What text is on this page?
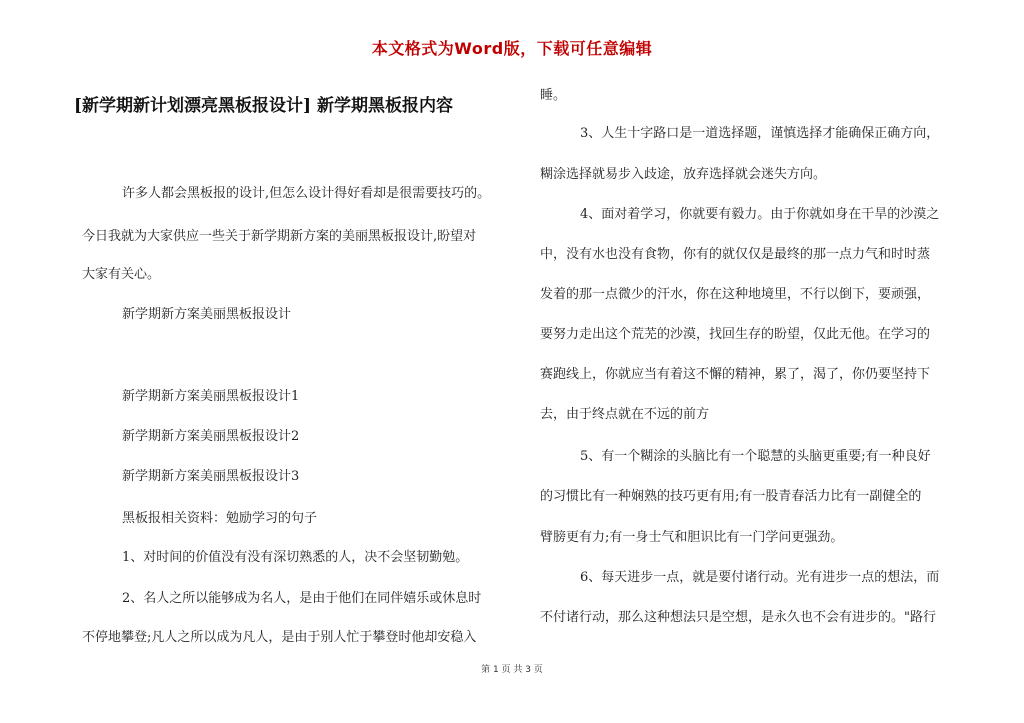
本文格式为Word版，下载可任意编辑
[新学期新计划漂亮黑板报设计] 新学期黑板报内容
许多人都会黑板报的设计,但怎么设计得好看却是很需要技巧的。
今日我就为大家供应一些关于新学期新方案的美丽黑板报设计,盼望对
大家有关心。
新学期新方案美丽黑板报设计
新学期新方案美丽黑板报设计1
新学期新方案美丽黑板报设计2
新学期新方案美丽黑板报设计3
黑板报相关资料：勉励学习的句子
1、对时间的价值没有没有深切熟悉的人，决不会坚韧勤勉。
2、名人之所以能够成为名人，是由于他们在同伴嬉乐或休息时
不停地攀登;凡人之所以成为凡人，是由于别人忙于攀登时他却安稳入
睡。
3、人生十字路口是一道选择题，谨慎选择才能确保正确方向，
糊涂选择就易步入歧途，放弃选择就会迷失方向。
4、面对着学习，你就要有毅力。由于你就如身在干旱的沙漠之
中，没有水也没有食物，你有的就仅仅是最终的那一点力气和时时蒸
发着的那一点微少的汗水，你在这种地境里，不行以倒下，要顽强，
要努力走出这个荒芜的沙漠，找回生存的盼望，仅此无他。在学习的
赛跑线上，你就应当有着这不懈的精神，累了，渴了，你仍要坚持下
去，由于终点就在不远的前方
5、有一个糊涂的头脑比有一个聪慧的头脑更重要;有一种良好
的习惯比有一种娴熟的技巧更有用;有一股青春活力比有一副健全的
臂膀更有力;有一身士气和胆识比有一门学问更强劲。
6、每天进步一点，就是要付诸行动。光有进步一点的想法，而
不付诸行动，那么这种想法只是空想，是永久也不会有进步的。"路行
第 1 页 共 3 页
